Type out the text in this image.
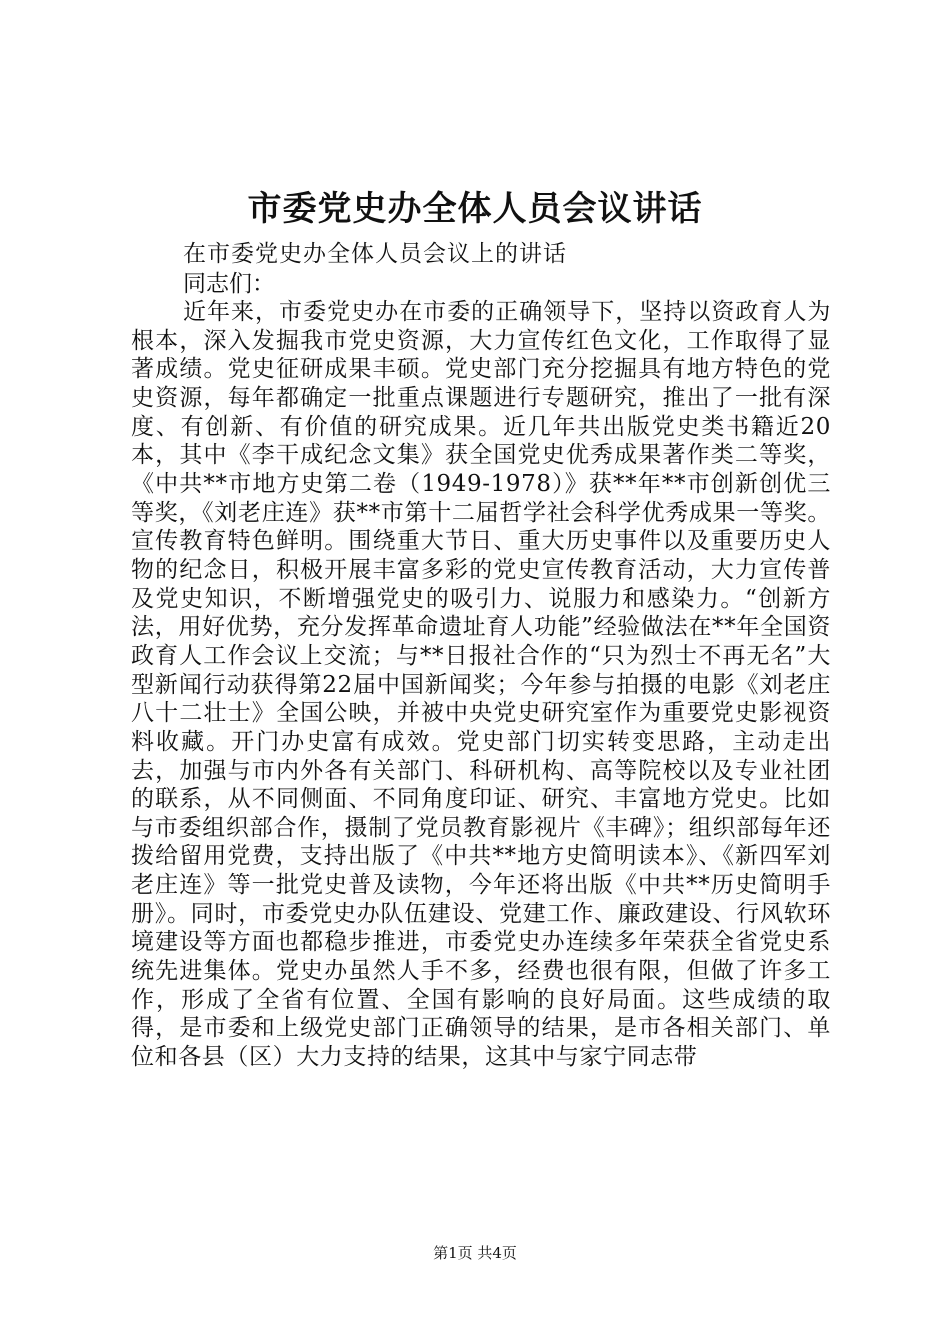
市委党史办全体人员会议讲话
在市委党史办全体人员会议上的讲话
同志们：

近年来，市委党史办在市委的正确领导下，坚持以资政育人为根本，深入发掘我市党史资源，大力宣传红色文化，工作取得了显著成绩。党史征研成果丰硕。党史部门充分挖掘具有地方特色的党史资源，每年都确定一批重点课题进行专题研究，推出了一批有深度、有创新、有价值的研究成果。近几年共出版党史类书籍近20本，其中《李干成纪念文集》获全国党史优秀成果著作类二等奖，《中共**市地方史第二卷（1949-1978）》获**年**市创新创优三等奖，《刘老庄连》获**市第十二届哲学社会科学优秀成果一等奖。宣传教育特色鲜明。围绕重大节日、重大历史事件以及重要历史人物的纪念日，积极开展丰富多彩的党史宣传教育活动，大力宣传普及党史知识，不断增强党史的吸引力、说服力和感染力。“创新方法，用好优势，充分发挥革命遗址育人功能”经验做法在**年全国资政育人工作会议上交流；与**日报社合作的“只为烈士不再无名”大型新闻行动获得第22届中国新闻奖；今年参与拍摄的电影《刘老庄八十二壮士》全国公映，并被中央党史研究室作为重要党史影视资料收藏。开门办史富有成效。党史部门切实转变思路，主动走出去，加强与市内外各有关部门、科研机构、高等院校以及专业社团的联系，从不同侧面、不同角度印证、研究、丰富地方党史。比如与市委组织部合作，摄制了党员教育影视片《丰碑》；组织部每年还拨给留用党费，支持出版了《中共**地方史简明读本》、《新四军刘老庄连》等一批党史普及读物，今年还将出版《中共**历史简明手册》。同时，市委党史办队伍建设、党建工作、廉政建设、行风软环境建设等方面也都稳步推进，市委党史办连续多年荣获全省党史系统先进集体。党史办虽然人手不多，经费也很有限，但做了许多工作，形成了全省有位置、全国有影响的良好局面。这些成绩的取得，是市委和上级党史部门正确领导的结果，是市各相关部门、单位和各县（区）大力支持的结果，这其中与家宁同志带

第1页 共4页
